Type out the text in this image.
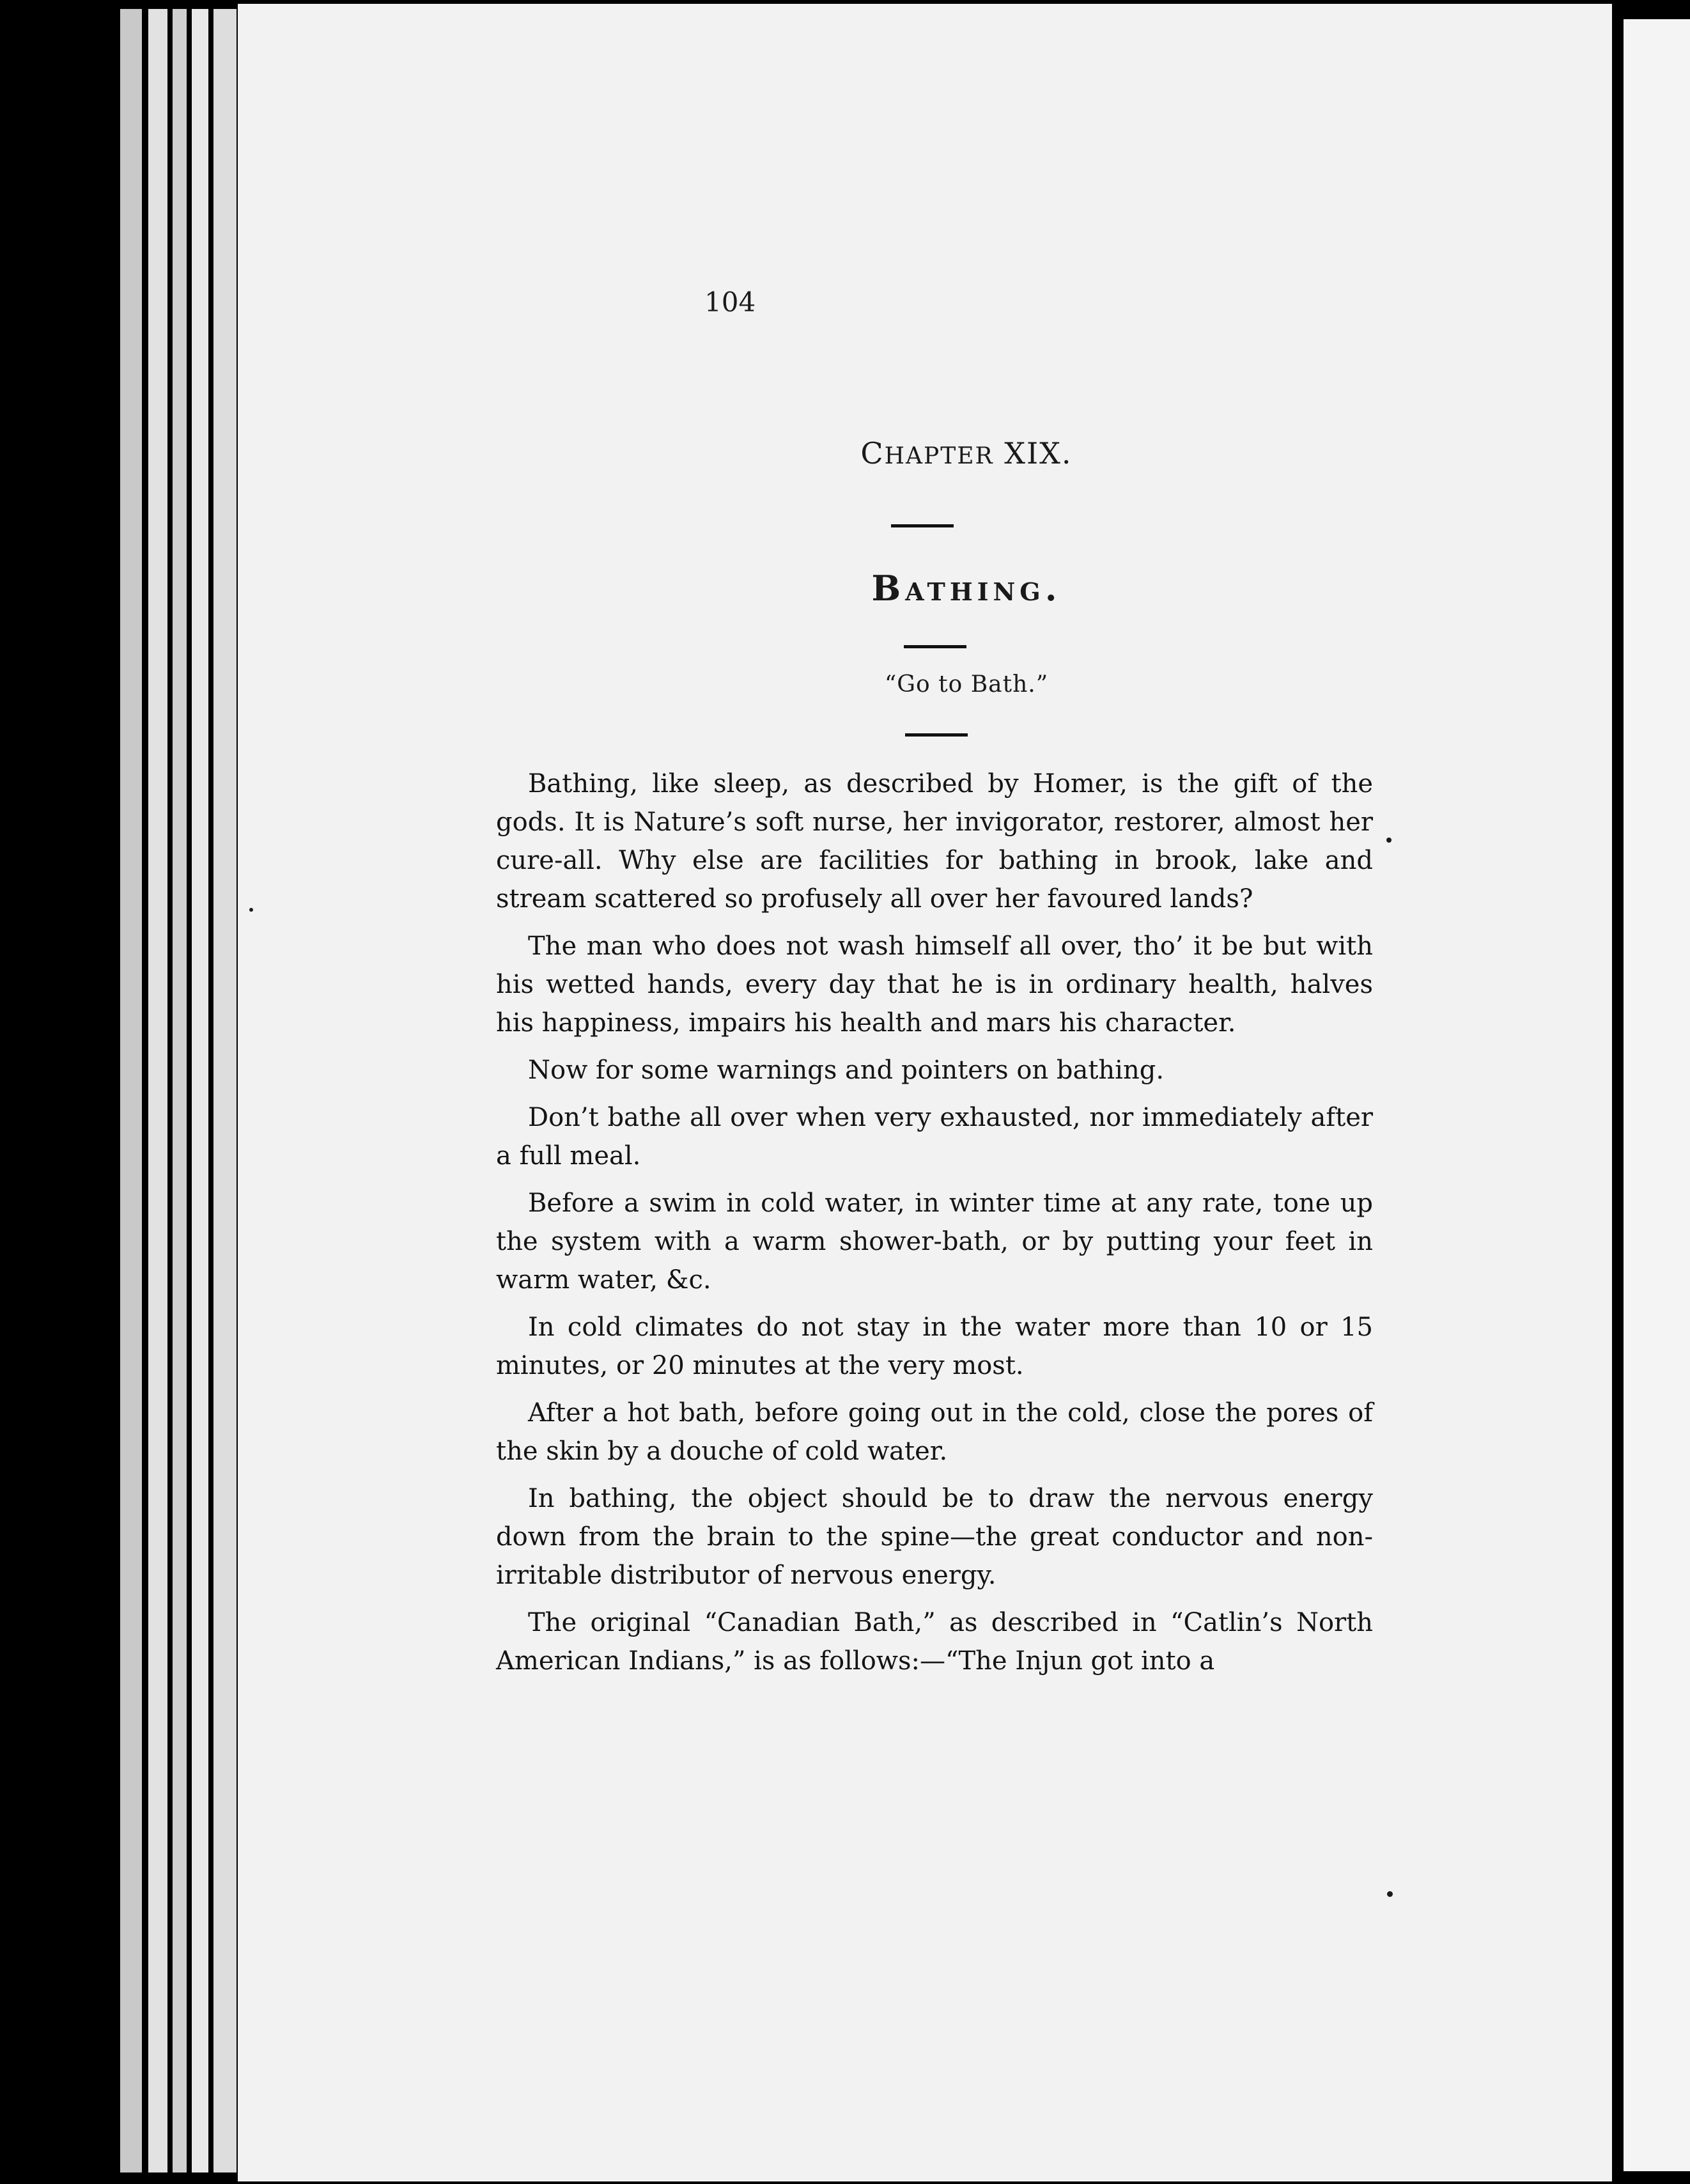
104
CHAPTER XIX.
Bathing.
“Go to Bath.”

Bathing, like sleep, as described by Homer, is the gift of the gods. It is Nature’s soft nurse, her invigorator, restorer, almost her cure-all. Why else are facilities for bathing in brook, lake and stream scattered so profusely all over her favoured lands?

The man who does not wash himself all over, tho’ it be but with his wetted hands, every day that he is in ordinary health, halves his happiness, impairs his health and mars his character.

Now for some warnings and pointers on bathing.

Don’t bathe all over when very exhausted, nor immediately after a full meal.

Before a swim in cold water, in winter time at any rate, tone up the system with a warm shower-bath, or by putting your feet in warm water, &c.

In cold climates do not stay in the water more than 10 or 15 minutes, or 20 minutes at the very most.

After a hot bath, before going out in the cold, close the pores of the skin by a douche of cold water.

In bathing, the object should be to draw the nervous energy down from the brain to the spine—the great conductor and non-irritable distributor of nervous energy.

The original “Canadian Bath,” as described in “Catlin’s North American Indians,” is as follows:—“The Injun got into a
